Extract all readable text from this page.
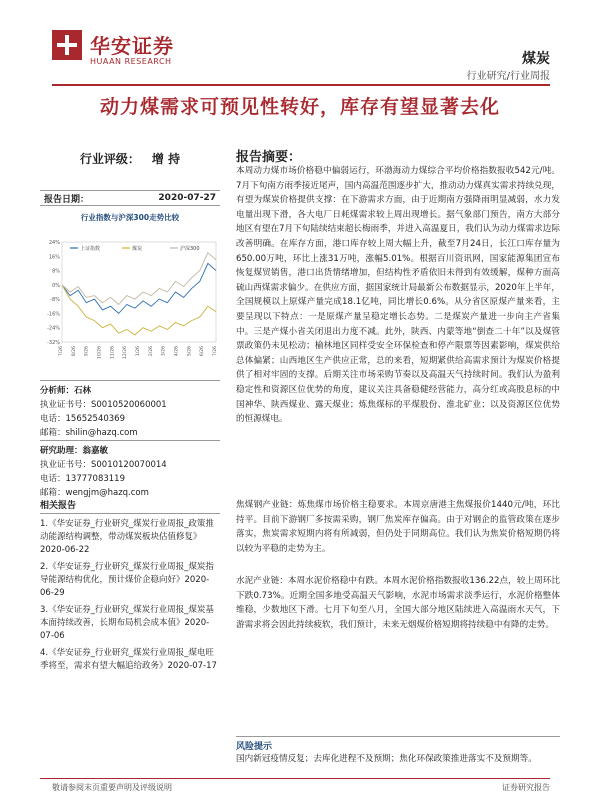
华安证券
HUAAN RESEARCH	煤炭
行业研究/行业周报
动力煤需求可预见性转好，库存有望显著去化
行业评级： 增 持
报告日期：	2020-07-27
行业指数与沪深300走势比较
24%
16%
8%
0%
-8%
-16%
-24%
-32%
7/26 8/26 9/26 10/26 11/26 12/26 1/26 2/26 3/26 4/26 5/26 6/26 7/26
上证指数	煤炭	沪深300
分析师：石林
执业证书号：S0010520060001
电话：15652540369
邮箱：shilin@hazq.com
研究助理：翁嘉敏
执业证书号：S0010120070014
电话：13777083119
邮箱：wengjm@hazq.com
相关报告
1.《华安证券_行业研究_煤炭行业周报_政策推动能源结构调整，带动煤炭板块估值修复》2020-06-22
2.《华安证券_行业研究_煤炭行业周报_煤炭指导能源结构优化，预计煤价企稳向好》2020-06-29
3.《华安证券_行业研究_煤炭行业周报_煤炭基本面持续改善，长期布局机会成本值》2020-07-06
4.《华安证券_行业研究_煤炭行业周报_煤电旺季将至，需求有望大幅追给政务》2020-07-17
报告摘要：
本周动力煤市场价格稳中偏弱运行，环渤海动力煤综合平均价格指数报收542元/吨。7月下旬南方雨季接近尾声，国内高温范围逐步扩大，推动动力煤真实需求持续兑现，有望为煤炭价格提供支撑：在下游需求方面，由于近期南方强降雨明显减弱，水力发电量出现下滑，各大电厂日耗煤需求较上周出现增长。据气象部门预告，南方大部分地区有望在7月下旬陆续结束超长梅雨季，并进入高温夏日，我们认为动力煤需求边际改善明确。在库存方面，港口库存较上周大幅上升，截至7月24日，长江口库存量为650.00万吨，环比上涨31万吨，涨幅5.01%。根据百川资讯网，国家能源集团宣布恢复煤贸销售，港口出货情绪增加，但结构性矛盾依旧未得到有效缓解，煤种方面高硫山西煤需求偏少。在供应方面，据国家统计局最新公布数据显示，2020年上半年，全国规模以上原煤产量完成18.1亿吨，同比增长0.6%。从分省区原煤产量来看，主要呈现以下特点：一是原煤产量呈稳定增长态势。二是煤炭产量进一步向主产省集中。三是产煤小省关闭退出力度不减。此外，陕西、内蒙等地“倒查二十年”以及煤管票政策仍未见松动；榆林地区同样受安全环保检查和停产限票等因素影响，煤炭供给总体偏紧；山西地区生产供应正常，总的来看，短期紧供给高需求预计为煤炭价格提供了相对牢固的支撑。后期关注市场采购节奏以及高温天气持续时间。我们认为盈利稳定性和资源区位优势的角度，建议关注具备稳健经营能力，高分红或高股息标的中国神华、陕西煤业、露天煤业；炼焦煤标的平煤股份、淮北矿业；以及资源区位优势的恒源煤电。
焦煤钢产业链：炼焦煤市场价格主稳要求。本周京唐港主焦煤报价1440元/吨，环比持平。目前下游钢厂多按需采购，钢厂焦炭库存偏高。由于对钢企的监管政策在逐步落实，焦炭需求短期内将有所减弱，但仍处于同期高位。我们认为焦炭价格短期仍将以较为平稳的走势为主。
水泥产业链：本周水泥价格稳中有跌。本周水泥价格指数报收136.22点，较上周环比下跌0.73%。近期全国多地受高温天气影响，水泥市场需求淡季运行，水泥价格整体维稳，少数地区下滑。七月下旬至八月，全国大部分地区陆续进入高温雨水天气，下游需求将会因此持续疲软，我们预计，未来无烟煤价格短期将持续稳中有降的走势。
风险提示
国内新冠疫情反复；去库化进程不及预期；焦化环保政策推进落实不及预期等。
敬请参阅末页重要声明及评级说明	证券研究报告
